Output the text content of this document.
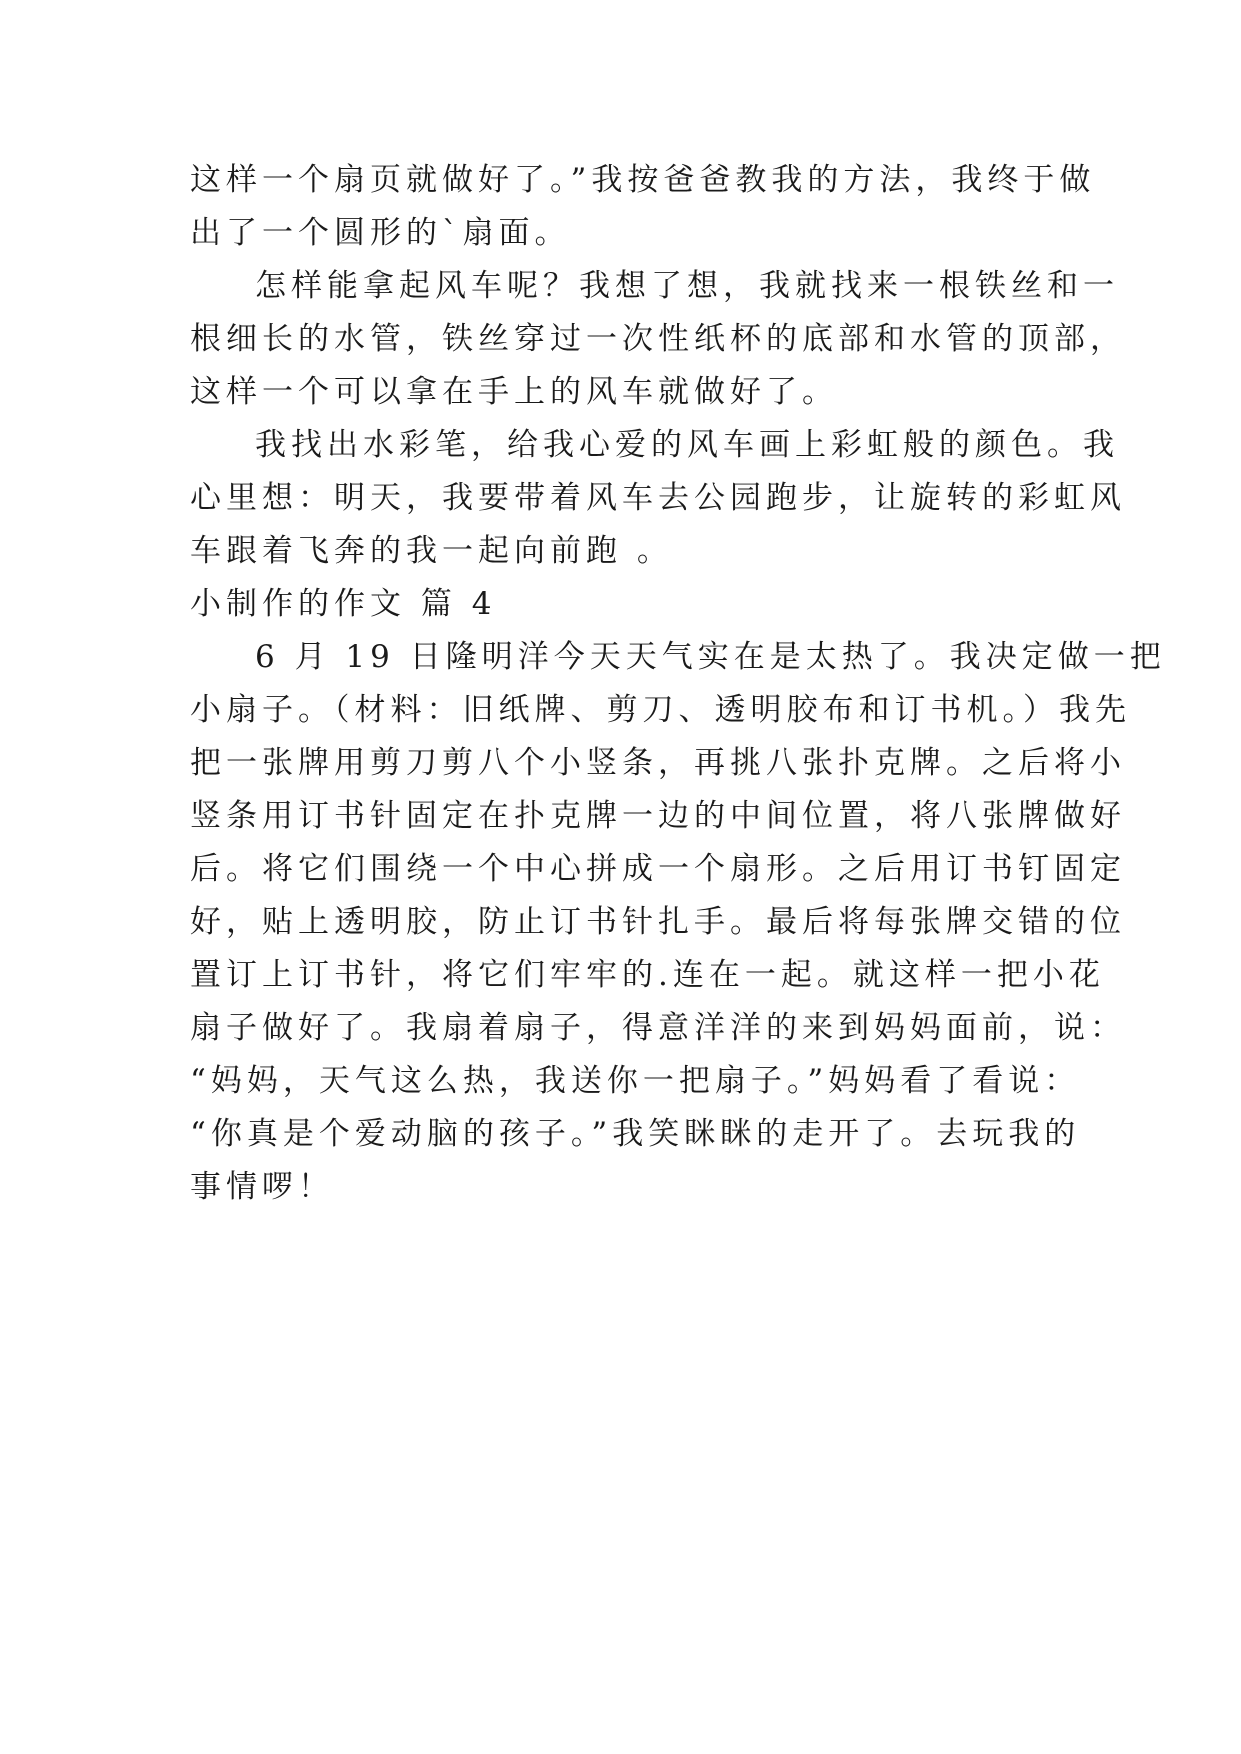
这样一个扇页就做好了。”我按爸爸教我的方法，我终于做
出了一个圆形的`扇面。
怎样能拿起风车呢？我想了想，我就找来一根铁丝和一
根细长的水管，铁丝穿过一次性纸杯的底部和水管的顶部，
这样一个可以拿在手上的风车就做好了。
我找出水彩笔，给我心爱的风车画上彩虹般的颜色。我
心里想：明天，我要带着风车去公园跑步，让旋转的彩虹风
车跟着飞奔的我一起向前跑 。
小制作的作文 篇 4
6 月 19 日隆明洋今天天气实在是太热了。我决定做一把
小扇子。（材料：旧纸牌、剪刀、透明胶布和订书机。）我先
把一张牌用剪刀剪八个小竖条，再挑八张扑克牌。之后将小
竖条用订书针固定在扑克牌一边的中间位置，将八张牌做好
后。将它们围绕一个中心拼成一个扇形。之后用订书钉固定
好，贴上透明胶，防止订书针扎手。最后将每张牌交错的位
置订上订书针，将它们牢牢的.连在一起。就这样一把小花
扇子做好了。我扇着扇子，得意洋洋的来到妈妈面前，说：
“妈妈，天气这么热，我送你一把扇子。”妈妈看了看说：
“你真是个爱动脑的孩子。”我笑眯眯的走开了。去玩我的
事情啰！
